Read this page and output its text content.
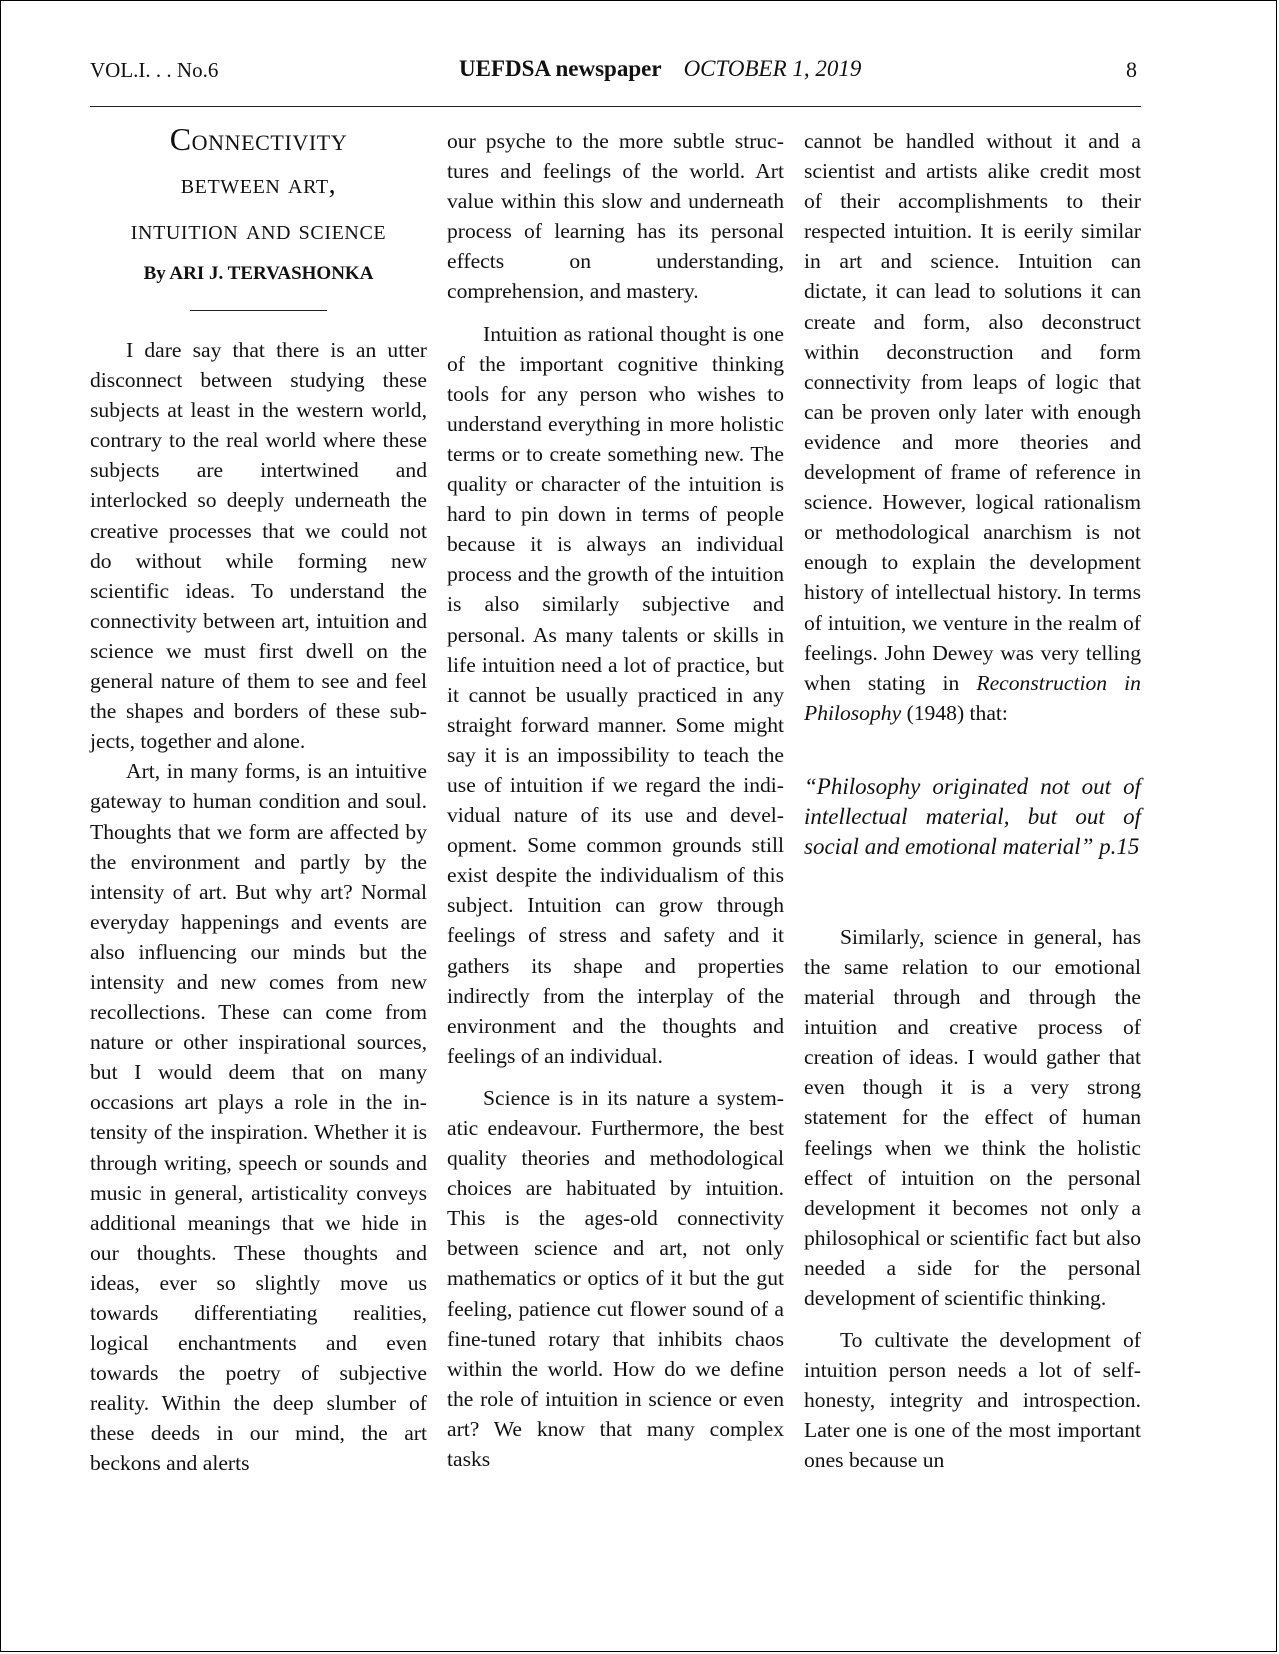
VOL.I. . . No.6	UEFDSA newspaper OCTOBER 1, 2019	8
Connectivity
between art,
intuition and science
By ARI J. TERVASHONKA

I dare say that there is an utter disconnect between studying these subjects at least in the western world, contrary to the real world where these subjects are intertwined and interlocked so deeply underneath the creative processes that we could not do without while forming new scientific ideas. To understand the connectivity between art, intuition and science we must first dwell on the general nature of them to see and feel the shapes and borders of these subjects, together and alone.

Art, in many forms, is an intuitive gateway to human condition and soul. Thoughts that we form are affected by the environment and partly by the intensity of art. But why art? Normal everyday happenings and events are also influencing our minds but the intensity and new comes from new recollections. These can come from nature or other inspirational sources, but I would deem that on many occasions art plays a role in the intensity of the inspiration. Whether it is through writing, speech or sounds and music in general, artisticality conveys additional meanings that we hide in our thoughts. These thoughts and ideas, ever so slightly move us towards differentiating realities, logical enchantments and even towards the poetry of subjective reality. Within the deep slumber of these deeds in our mind, the art beckons and alerts

our psyche to the more subtle structures and feelings of the world. Art value within this slow and underneath process of learning has its personal effects on understanding, comprehension, and mastery.

Intuition as rational thought is one of the important cognitive thinking tools for any person who wishes to understand everything in more holistic terms or to create something new. The quality or character of the intuition is hard to pin down in terms of people because it is always an individual process and the growth of the intuition is also similarly subjective and personal. As many talents or skills in life intuition need a lot of practice, but it cannot be usually practiced in any straight forward manner. Some might say it is an impossibility to teach the use of intuition if we regard the individual nature of its use and development. Some common grounds still exist despite the individualism of this subject. Intuition can grow through feelings of stress and safety and it gathers its shape and properties indirectly from the interplay of the environment and the thoughts and feelings of an individual.

Science is in its nature a systematic endeavour. Furthermore, the best quality theories and methodological choices are habituated by intuition. This is the ages-old connectivity between science and art, not only mathematics or optics of it but the gut feeling, patience cut flower sound of a fine-tuned rotary that inhibits chaos within the world. How do we define the role of intuition in science or even art? We know that many complex tasks

cannot be handled without it and a scientist and artists alike credit most of their accomplishments to their respected intuition. It is eerily similar in art and science. Intuition can dictate, it can lead to solutions it can create and form, also deconstruct within deconstruction and form connectivity from leaps of logic that can be proven only later with enough evidence and more theories and development of frame of reference in science. However, logical rationalism or methodological anarchism is not enough to explain the development history of intellectual history. In terms of intuition, we venture in the realm of feelings. John Dewey was very telling when stating in Reconstruction in Philosophy (1948) that:

“Philosophy originated not out of intellectual material, but out of social and emotional material” p.15

Similarly, science in general, has the same relation to our emotional material through and through the intuition and creative process of creation of ideas. I would gather that even though it is a very strong statement for the effect of human feelings when we think the holistic effect of intuition on the personal development it becomes not only a philosophical or scientific fact but also needed a side for the personal development of scientific thinking.

To cultivate the development of intuition person needs a lot of self-honesty, integrity and introspection. Later one is one of the most important ones because un
